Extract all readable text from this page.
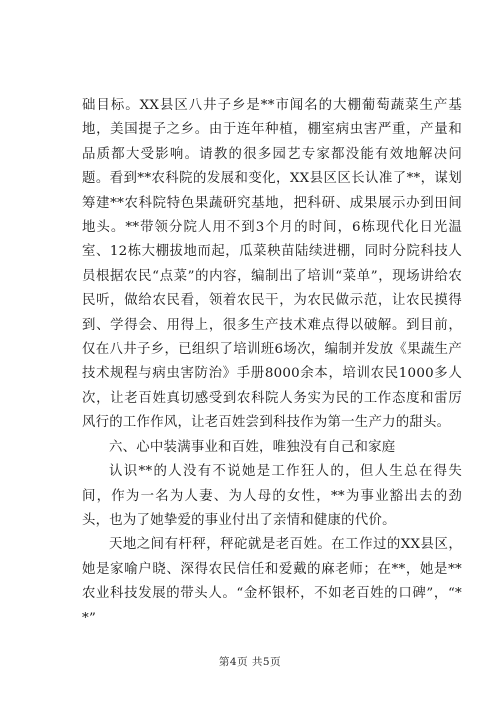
础目标。XX县区八井子乡是**市闻名的大棚葡萄蔬菜生产基地，美国提子之乡。由于连年种植，棚室病虫害严重，产量和品质都大受影响。请教的很多园艺专家都没能有效地解决问题。看到**农科院的发展和变化，XX县区区长认准了**，谋划筹建**农科院特色果蔬研究基地，把科研、成果展示办到田间地头。**带领分院人用不到3个月的时间，6栋现代化日光温室、12栋大棚拔地而起，瓜菜秧苗陆续进棚，同时分院科技人员根据农民“点菜”的内容，编制出了培训“菜单”，现场讲给农民听，做给农民看，领着农民干，为农民做示范，让农民摸得到、学得会、用得上，很多生产技术难点得以破解。到目前，仅在八井子乡，已组织了培训班6场次，编制并发放《果蔬生产技术规程与病虫害防治》手册8000余本，培训农民1000多人次，让老百姓真切感受到农科院人务实为民的工作态度和雷厉风行的工作作风，让老百姓尝到科技作为第一生产力的甜头。

六、心中装满事业和百姓，唯独没有自己和家庭

认识**的人没有不说她是工作狂人的，但人生总在得失间，作为一名为人妻、为人母的女性，**为事业豁出去的劲头，也为了她挚爱的事业付出了亲情和健康的代价。

天地之间有杆秤，秤砣就是老百姓。在工作过的XX县区，她是家喻户晓、深得农民信任和爱戴的麻老师；在**，她是**农业科技发展的带头人。“金杯银杯，不如老百姓的口碑”，“**”

第4页 共5页
